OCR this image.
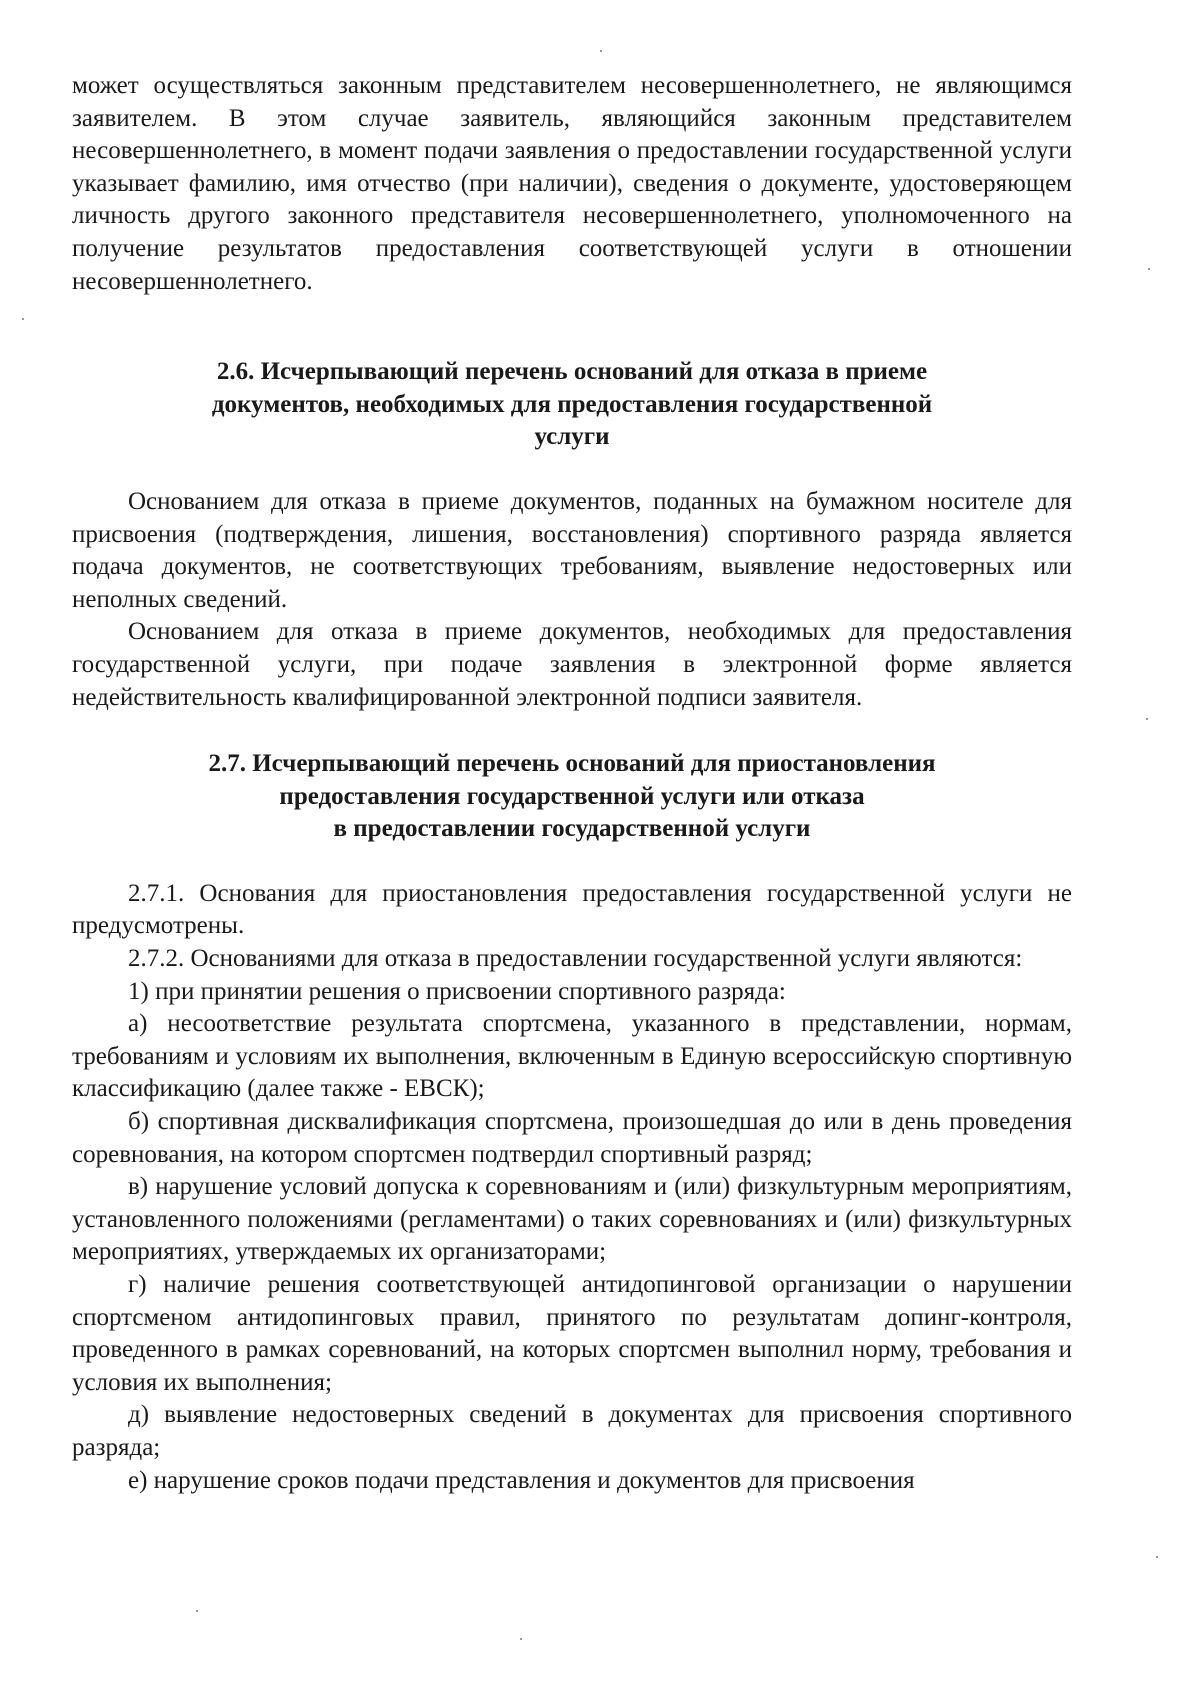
может осуществляться законным представителем несовершеннолетнего, не являющимся заявителем. В этом случае заявитель, являющийся законным представителем несовершеннолетнего, в момент подачи заявления о предоставлении государственной услуги указывает фамилию, имя отчество (при наличии), сведения о документе, удостоверяющем личность другого законного представителя несовершеннолетнего, уполномоченного на получение результатов предоставления соответствующей услуги в отношении несовершеннолетнего.

2.6. Исчерпывающий перечень оснований для отказа в приеме
документов, необходимых для предоставления государственной
услуги

Основанием для отказа в приеме документов, поданных на бумажном носителе для присвоения (подтверждения, лишения, восстановления) спортивного разряда является подача документов, не соответствующих требованиям, выявление недостоверных или неполных сведений.

Основанием для отказа в приеме документов, необходимых для предоставления государственной услуги, при подаче заявления в электронной форме является недействительность квалифицированной электронной подписи заявителя.

2.7. Исчерпывающий перечень оснований для приостановления
предоставления государственной услуги или отказа
в предоставлении государственной услуги

2.7.1. Основания для приостановления предоставления государственной услуги не предусмотрены.

2.7.2. Основаниями для отказа в предоставлении государственной услуги являются:

1) при принятии решения о присвоении спортивного разряда:

а) несоответствие результата спортсмена, указанного в представлении, нормам, требованиям и условиям их выполнения, включенным в Единую всероссийскую спортивную классификацию (далее также - ЕВСК);

б) спортивная дисквалификация спортсмена, произошедшая до или в день проведения соревнования, на котором спортсмен подтвердил спортивный разряд;

в) нарушение условий допуска к соревнованиям и (или) физкультурным мероприятиям, установленного положениями (регламентами) о таких соревнованиях и (или) физкультурных мероприятиях, утверждаемых их организаторами;

г) наличие решения соответствующей антидопинговой организации о нарушении спортсменом антидопинговых правил, принятого по результатам допинг-контроля, проведенного в рамках соревнований, на которых спортсмен выполнил норму, требования и условия их выполнения;

д) выявление недостоверных сведений в документах для присвоения спортивного разряда;

е) нарушение сроков подачи представления и документов для присвоения
